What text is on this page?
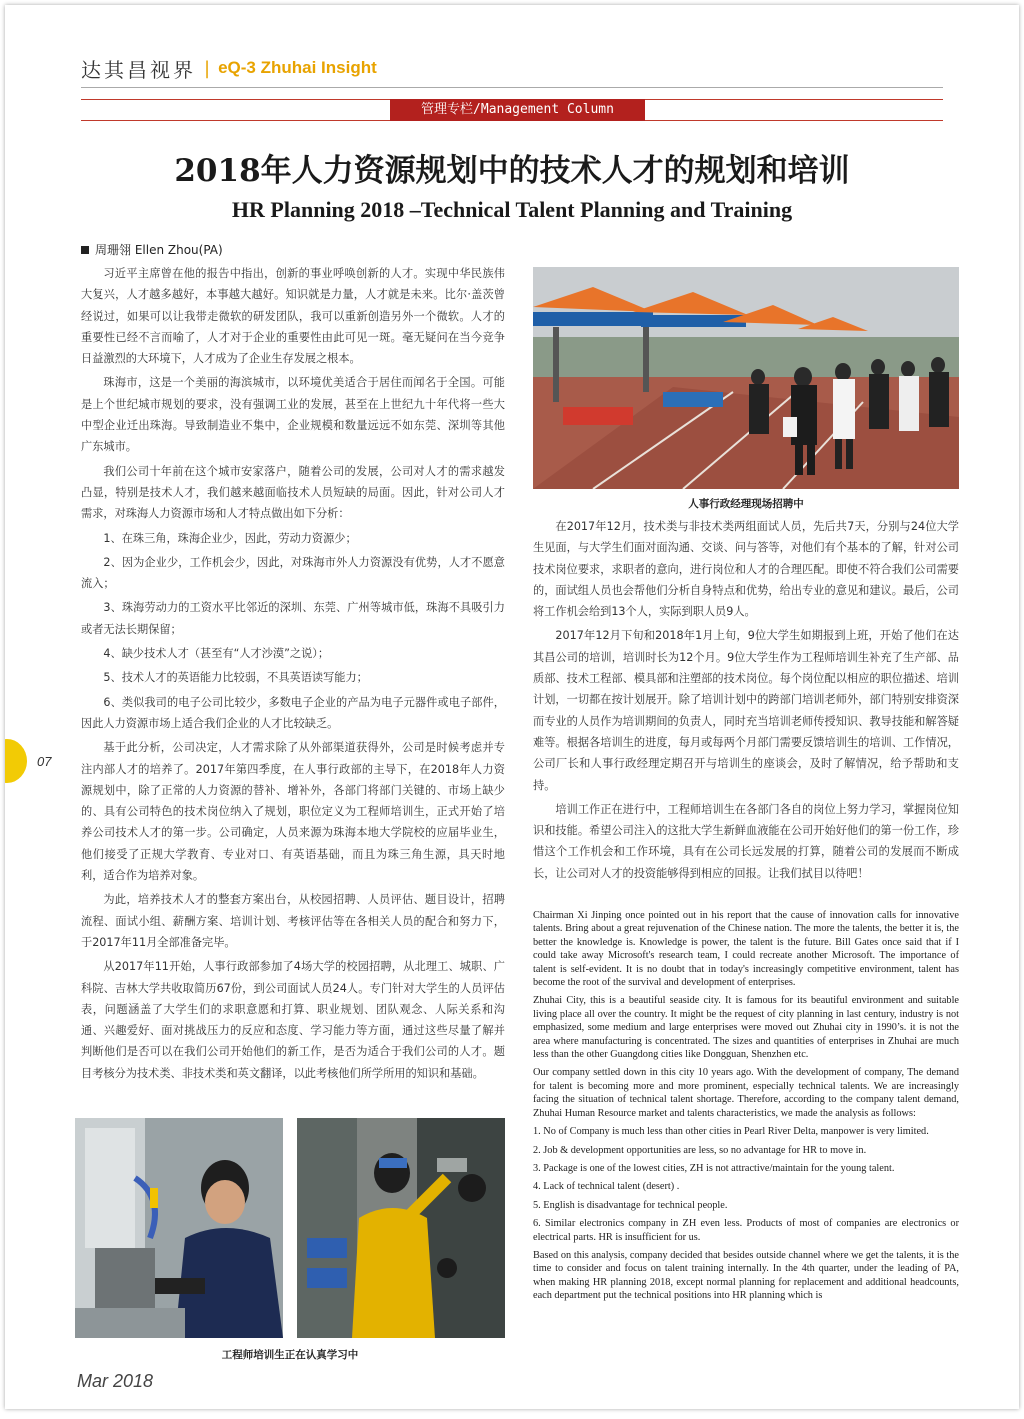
达其昌视界 | eQ-3 Zhuhai Insight
管理专栏/Management Column
2018年人力资源规划中的技术人才的规划和培训
HR Planning 2018 –Technical Talent Planning and Training
周珊翎 Ellen Zhou(PA)

习近平主席曾在他的报告中指出，创新的事业呼唤创新的人才。实现中华民族伟大复兴，人才越多越好，本事越大越好。知识就是力量，人才就是未来。比尔·盖茨曾经说过，如果可以让我带走微软的研发团队，我可以重新创造另外一个微软。人才的重要性已经不言而喻了，人才对于企业的重要性由此可见一斑。毫无疑问在当今竞争日益激烈的大环境下，人才成为了企业生存发展之根本。

珠海市，这是一个美丽的海滨城市，以环境优美适合于居住而闻名于全国。可能是上个世纪城市规划的要求，没有强调工业的发展，甚至在上世纪九十年代将一些大中型企业迁出珠海。导致制造业不集中，企业规模和数量远远不如东莞、深圳等其他广东城市。

我们公司十年前在这个城市安家落户，随着公司的发展，公司对人才的需求越发凸显，特别是技术人才，我们越来越面临技术人员短缺的局面。因此，针对公司人才需求，对珠海人力资源市场和人才特点做出如下分析：

1、在珠三角，珠海企业少，因此，劳动力资源少；

2、因为企业少，工作机会少，因此，对珠海市外人力资源没有优势，人才不愿意流入；

3、珠海劳动力的工资水平比邻近的深圳、东莞、广州等城市低，珠海不具吸引力或者无法长期保留；

4、缺少技术人才（甚至有“人才沙漠”之说）；

5、技术人才的英语能力比较弱，不具英语读写能力；

6、类似我司的电子公司比较少，多数电子企业的产品为电子元器件或电子部件，因此人力资源市场上适合我们企业的人才比较缺乏。

基于此分析，公司决定，人才需求除了从外部渠道获得外，公司是时候考虑并专注内部人才的培养了。2017年第四季度，在人事行政部的主导下，在2018年人力资源规划中，除了正常的人力资源的替补、增补外，各部门将部门关键的、市场上缺少的、具有公司特色的技术岗位纳入了规划，职位定义为工程师培训生，正式开始了培养公司技术人才的第一步。公司确定，人员来源为珠海本地大学院校的应届毕业生，他们接受了正规大学教育、专业对口、有英语基础，而且为珠三角生源，具天时地利，适合作为培养对象。

为此，培养技术人才的整套方案出台，从校园招聘、人员评估、题目设计，招聘流程、面试小组、薪酬方案、培训计划、考核评估等在各相关人员的配合和努力下，于2017年11月全部准备完毕。

从2017年11开始，人事行政部参加了4场大学的校园招聘，从北理工、城职、广科院、吉林大学共收取简历67份，到公司面试人员24人。专门针对大学生的人员评估表，问题涵盖了大学生们的求职意愿和打算、职业规划、团队观念、人际关系和沟通、兴趣爱好、面对挑战压力的反应和态度、学习能力等方面，通过这些尽量了解并判断他们是否可以在我们公司开始他们的新工作，是否为适合于我们公司的人才。题目考核分为技术类、非技术类和英文翻译，以此考核他们所学所用的知识和基础。

人事行政经理现场招聘中

在2017年12月，技术类与非技术类两组面试人员，先后共7天，分别与24位大学生见面，与大学生们面对面沟通、交谈、问与答等，对他们有个基本的了解，针对公司技术岗位要求，求职者的意向，进行岗位和人才的合理匹配。即使不符合我们公司需要的，面试组人员也会帮他们分析自身特点和优势，给出专业的意见和建议。最后，公司将工作机会给到13个人，实际到职人员9人。

2017年12月下旬和2018年1月上旬，9位大学生如期报到上班，开始了他们在达其昌公司的培训，培训时长为12个月。9位大学生作为工程师培训生补充了生产部、品质部、技术工程部、模具部和注塑部的技术岗位。每个岗位配以相应的职位描述、培训计划，一切都在按计划展开。除了培训计划中的跨部门培训老师外，部门特别安排资深而专业的人员作为培训期间的负责人，同时充当培训老师传授知识、教导技能和解答疑难等。根据各培训生的进度，每月或每两个月部门需要反馈培训生的培训、工作情况，公司厂长和人事行政经理定期召开与培训生的座谈会，及时了解情况，给予帮助和支持。

培训工作正在进行中，工程师培训生在各部门各自的岗位上努力学习，掌握岗位知识和技能。希望公司注入的这批大学生新鲜血液能在公司开始好他们的第一份工作，珍惜这个工作机会和工作环境，具有在公司长远发展的打算，随着公司的发展而不断成长，让公司对人才的投资能够得到相应的回报。让我们拭目以待吧！

Chairman Xi Jinping once pointed out in his report that the cause of innovation calls for innovative talents. Bring about a great rejuvenation of the Chinese nation. The more the talents, the better it is, the better the knowledge is. Knowledge is power, the talent is the future. Bill Gates once said that if I could take away Microsoft's research team, I could recreate another Microsoft. The importance of talent is self-evident. It is no doubt that in today's increasingly competitive environment, talent has become the root of the survival and development of enterprises.

Zhuhai City, this is a beautiful seaside city. It is famous for its beautiful environment and suitable living place all over the country. It might be the request of city planning in last century, industry is not emphasized, some medium and large enterprises were moved out Zhuhai city in 1990’s. it is not the area where manufacturing is concentrated. The sizes and quantities of enterprises in Zhuhai are much less than the other Guangdong cities like Dongguan, Shenzhen etc.

Our company settled down in this city 10 years ago. With the development of company, The demand for talent is becoming more and more prominent, especially technical talents. We are increasingly facing the situation of technical talent shortage. Therefore, according to the company talent demand, Zhuhai Human Resource market and talents characteristics, we made the analysis as follows:

1. No of Company is much less than other cities in Pearl River Delta, manpower is very limited.

2. Job & development opportunities are less, so no advantage for HR to move in.

3. Package is one of the lowest cities, ZH is not attractive/maintain for the young talent.

4. Lack of technical talent (desert) .

5. English is disadvantage for technical people.

6. Similar electronics company in ZH even less. Products of most of companies are electronics or electrical parts. HR is insufficient for us.

Based on this analysis, company decided that besides outside channel where we get the talents, it is the time to consider and focus on talent training internally. In the 4th quarter, under the leading of PA, when making HR planning 2018, except normal planning for replacement and additional headcounts, each department put the technical positions into HR planning which is

工程师培训生正在认真学习中
07
Mar 2018
